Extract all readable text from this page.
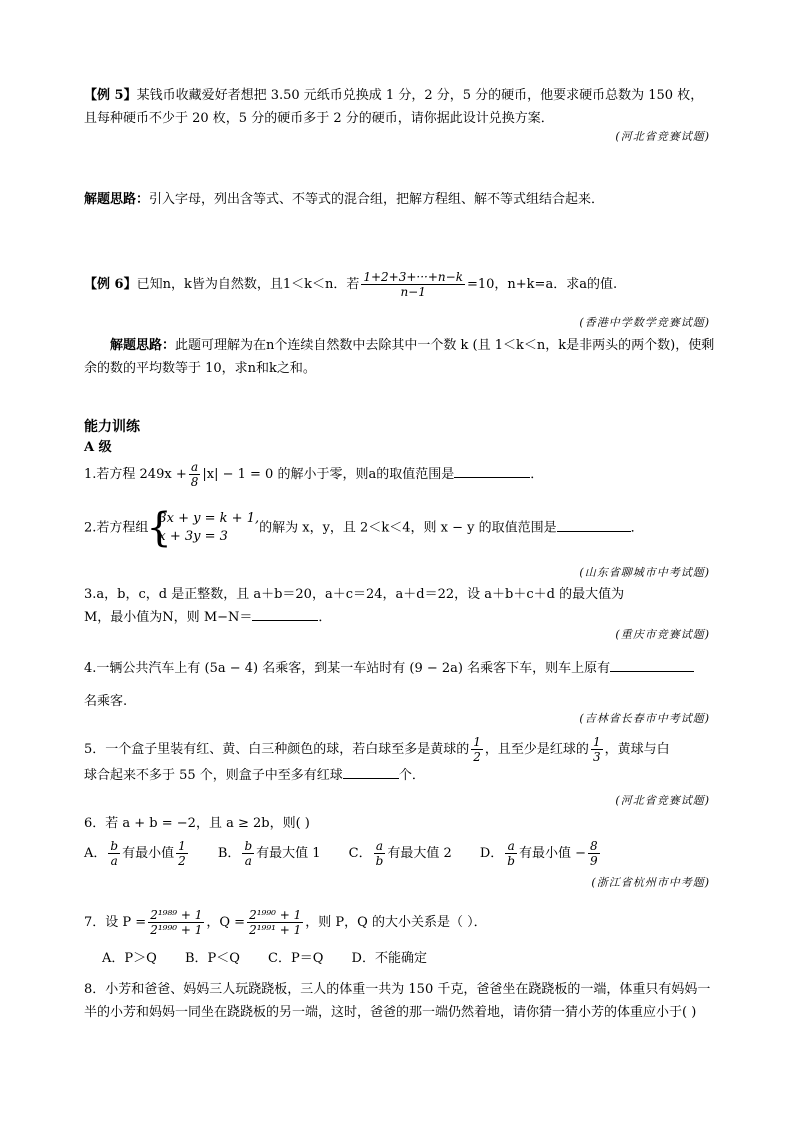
【例 5】某钱币收藏爱好者想把 3.50 元纸币兑换成 1 分，2 分，5 分的硬币，他要求硬币总数为 150 枚，且每种硬币不少于 20 枚，5 分的硬币多于 2 分的硬币，请你据此设计兑换方案．
(河北省竞赛试题)
解题思路：引入字母，列出含等式、不等式的混合组，把解方程组、解不等式组结合起来．
【例 6】已知n，k皆为自然数，且1＜k＜n．若 $\frac{1+2+3+\cdot\cdot\cdot+n-k}{n-1} =10$，n+k=a．求a的值.
(香港中学数学竞赛试题)
解题思路：此题可理解为在n个连续自然数中去除其中一个数 k (且 1＜k＜n，k是非两头的两个数)，使剩余的数的平均数等于 10，求n和k之和。
能力训练
A 级
1.若方程 $249x + \frac{a}{8} |x| - 1 = 0$ 的解小于零，则a的取值范围是	．
2.若方程组
{ 3x + y = k + 1,
x + 3y = 3
的解为 x，y，且 2＜k＜4，则 x − y 的取值范围是	．
(山东省聊城市中考试题)
3.a，b，c，d 是正整数，且 a＋b＝20，a＋c＝24，a＋d＝22，设 a＋b＋c＋d 的最大值为
M，最小值为N，则 M−N＝	．
(重庆市竞赛试题)
4.一辆公共汽车上有 (5a − 4) 名乘客，到某一车站时有 (9 − 2a) 名乘客下车，则车上原有
名乘客.
(吉林省长春市中考试题)
5．一个盒子里装有红、黄、白三种颜色的球，若白球至多是黄球的 $\frac{1}{2}$ ，且至少是红球的 $\frac{1}{3}$ ，黄球与白
球合起来不多于 55 个，则盒子中至多有红球	个．
(河北省竞赛试题)
6．若 a + b = −2，且 a ≥ 2b，则( )
A． $\frac{b}{a}$ 有最小值 $\frac{1}{2}$ B． $\frac{b}{a}$ 有最大值 1 C． $\frac{a}{b}$ 有最大值 2 D． $\frac{a}{b}$ 有最小值 − $\frac{8}{9}$
(浙江省杭州市中考题)
7．设 $P = \frac{\text{2¹⁹⁸⁹ + 1}}{\text{2¹⁹⁹⁰ + 1}}$ ，$Q = \frac{\text{2¹⁹⁹⁰ + 1}}{\text{2¹⁹⁹¹ + 1}}$ ，则 P，Q 的大小关系是（ ）．
A．P＞Q B．P＜Q C．P＝Q D．不能确定
8．小芳和爸爸、妈妈三人玩跷跷板，三人的体重一共为 150 千克，爸爸坐在跷跷板的一端，体重只有妈妈一半的小芳和妈妈一同坐在跷跷板的另一端，这时，爸爸的那一端仍然着地，请你猜一猜小芳的体重应小于( )
